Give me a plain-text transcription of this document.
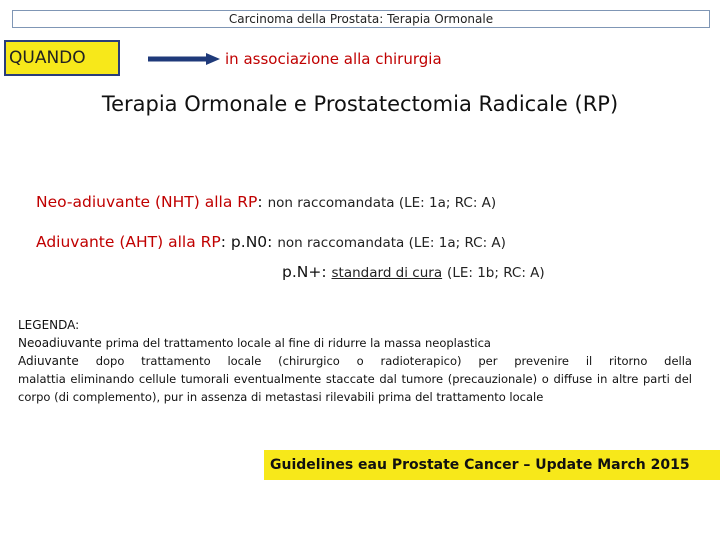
Carcinoma della Prostata: Terapia Ormonale
QUANDO	in associazione alla chirurgia
Terapia Ormonale e Prostatectomia Radicale (RP)
Neo-adiuvante (NHT) alla RP: non raccomandata (LE: 1a; RC: A)
Adiuvante (AHT) alla RP: p.N0: non raccomandata (LE: 1a; RC: A)
p.N+: standard di cura (LE: 1b; RC: A)

LEGENDA:

Neoadiuvante prima del trattamento locale al fine di ridurre la massa neoplastica

Adiuvante dopo trattamento locale (chirurgico o radioterapico) per prevenire il ritorno della

malattia eliminando cellule tumorali eventualmente staccate dal tumore (precauzionale) o diffuse in altre parti del corpo (di complemento), pur in assenza di metastasi rilevabili prima del trattamento locale

Guidelines eau Prostate Cancer – Update March 2015
